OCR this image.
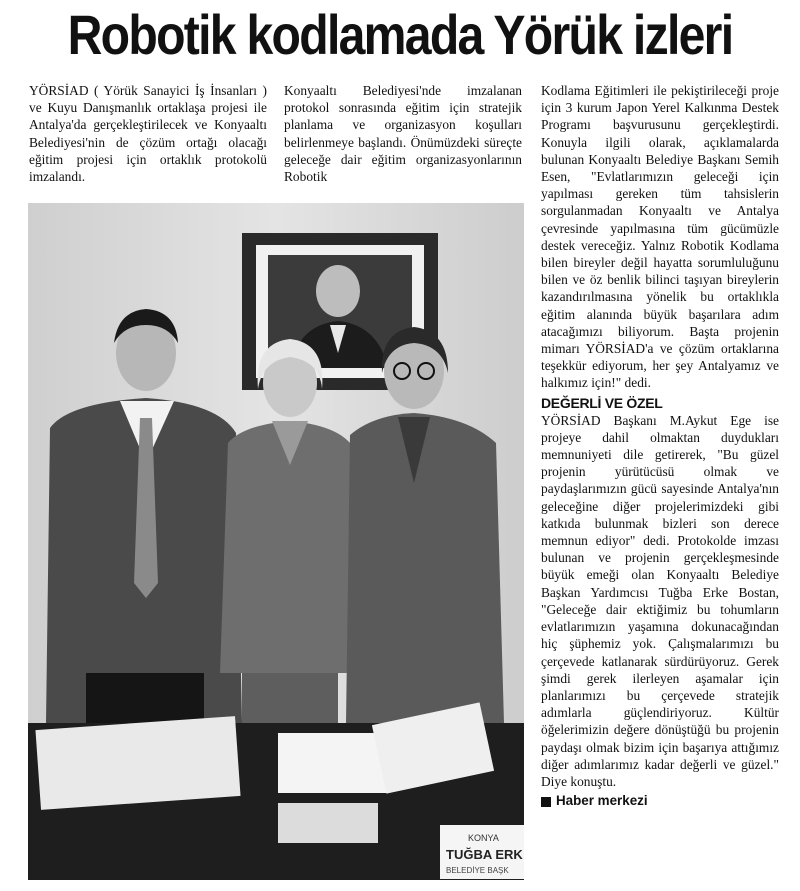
Robotik kodlamada Yörük izleri

YÖRSİAD ( Yörük Sanayici İş İnsanları ) ve Kuyu Danışmanlık ortaklaşa projesi ile Antalya'da gerçekleştirilecek ve Konyaaltı Belediyesi'nin de çözüm ortağı olacağı eğitim projesi için ortaklık protokolü imzalandı.

Konyaaltı Belediyesi'nde imzalanan protokol sonrasında eğitim için stratejik planlama ve organizasyon koşulları belirlenmeye başlandı. Önümüzdeki süreçte geleceğe dair eğitim organizasyonlarının Robotik

Kodlama Eğitimleri ile pekiştirileceği proje için 3 kurum Japon Yerel Kalkınma Destek Programı başvurusunu gerçekleştirdi. Konuyla ilgili olarak, açıklamalarda bulunan Konyaaltı Belediye Başkanı Semih Esen, "Evlatlarımızın geleceği için yapılması gereken tüm tahsislerin sorgulanmadan Konyaaltı ve Antalya çevresinde yapılmasına tüm gücümüzle destek vereceğiz. Yalnız Robotik Kodlama bilen bireyler değil hayatta sorumluluğunu bilen ve öz benlik bilinci taşıyan bireylerin kazandırılmasına yönelik bu ortaklıkla eğitim alanında büyük başarılara adım atacağımızı biliyorum. Başta projenin mimarı YÖRSİAD'a ve çözüm ortaklarına teşekkür ediyorum, her şey Antalyamız ve halkımız için!" dedi.

DEĞERLİ VE ÖZEL

YÖRSİAD Başkanı M.Aykut Ege ise projeye dahil olmaktan duydukları memnuniyeti dile getirerek, "Bu güzel projenin yürütücüsü olmak ve paydaşlarımızın gücü sayesinde Antalya'nın geleceğine diğer projelerimizdeki gibi katkıda bulunmak bizleri son derece memnun ediyor" dedi. Protokolde imzası bulunan ve projenin gerçekleşmesinde büyük emeği olan Konyaaltı Belediye Başkan Yardımcısı Tuğba Erke Bostan, "Geleceğe dair ektiğimiz bu tohumların evlatlarımızın yaşamına dokunacağından hiç şüphemiz yok. Çalışmalarımızı bu çerçevede katlanarak sürdürüyoruz. Gerek şimdi gerek ilerleyen aşamalar için planlarımızı bu çerçevede stratejik adımlarla güçlendiriyoruz. Kültür öğelerimizin değere dönüştüğü bu projenin paydaşı olmak bizim için başarıya attığımız diğer adımlarımız kadar değerli ve güzel." Diye konuştu.

Haber merkezi
KONYA
TUĞBA ERK
BELEDİYE BAŞK
